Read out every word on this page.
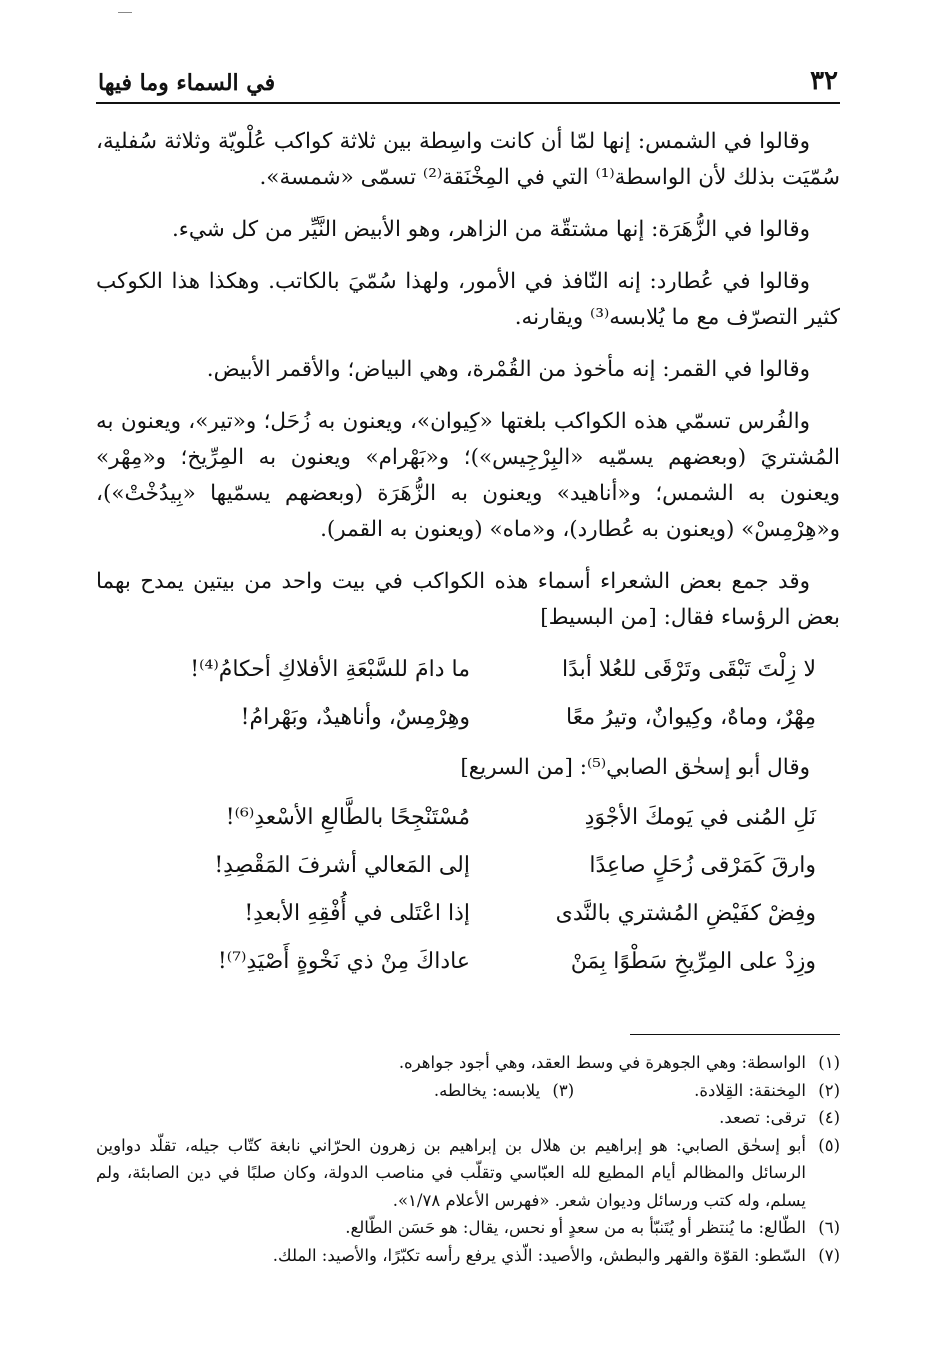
٣٢
في السماء وما فيها

وقالوا في الشمس: إنها لمّا أن كانت واسِطة بين ثلاثة كواكب عُلْويّة وثلاثة سُفلية، سُمّيَت بذلك لأن الواسطة⁽¹⁾ التي في المِخْنَقة⁽²⁾ تسمّى «شمسة».

وقالوا في الزُّهَرَة: إنها مشتقّة من الزاهر، وهو الأبيض النَّيِّر من كل شيء.

وقالوا في عُطارد: إنه النّافذ في الأمور، ولهذا سُمّيَ بالكاتب. وهكذا هذا الكوكب كثير التصرّف مع ما يُلابسه⁽³⁾ ويقارنه.

وقالوا في القمر: إنه مأخوذ من القُمْرة، وهي البياض؛ والأقمر الأبيض.

والفُرس تسمّي هذه الكواكب بلغتها «كِيوان»، ويعنون به زُحَل؛ و«تير»، ويعنون به المُشتريَ (وبعضهم يسمّيه «البِرْجِيس»)؛ و«بَهْرام» ويعنون به المِرِّيخ؛ و«مِهْر» ويعنون به الشمس؛ و«أناهيد» ويعنون به الزُّهَرَة (وبعضهم يسمّيها «بِيدُخْتْ»)، و«هِرْمِسْ» (ويعنون به عُطارد)، و«ماه» (ويعنون به القمر).

وقد جمع بعض الشعراء أسماء هذه الكواكب في بيت واحد من بيتين يمدح بهما بعض الرؤساء فقال: [من البسيط]

لا زِلْتَ تَبْقَى وتَرْقَى للعُلا أبدًا
ما دامَ للسَّبْعَةِ الأفلاكِ أحكامُ⁽⁴⁾!
مِهْرٌ، وماهٌ، وكِيوانٌ، وتيرُ معًا
وهِرْمِسٌ، وأناهيدٌ، وبَهْرامُ!
وقال أبو إسحٰق الصابي⁽⁵⁾: [من السريع]
نَلِ المُنى في يَومكَ الأجْوَدِ
مُسْتَنْجِحًا بالطَّالعِ الأسْعدِ⁽⁶⁾!
وارقَ كَمَرْقى زُحَلٍ صاعِدًا
إلى المَعالي أشرفَ المَقْصِدِ!
وفِضْ كفَيْضِ المُشتري بالنَّدى
إذا اعْتَلى في أُفْقِهِ الأبعدِ!
وزِدْ على المِرِّيخِ سَطْوًا بِمَنْ
عاداكَ مِنْ ذي نَخْوةٍ أَصْيَدِ⁽⁷⁾!
(١)
الواسطة: وهي الجوهرة في وسط العقد، وهي أجود جواهره.
(٢)
المِخنقة: القِلادة.
(٣)
يلابسه: يخالطه.
(٤)
ترقى: تصعد.
(٥)
أبو إسحٰق الصابي: هو إبراهيم بن هلال بن إبراهيم بن زهرون الحرّاني نابغة كتّاب جيله، تقلّد دواوين الرسائل والمظالم أيام المطيع لله العبّاسي وتقلّب في مناصب الدولة، وكان صلبًا في دين الصابئة، ولم يسلم، وله كتب ورسائل وديوان شعر. «فهرس الأعلام ١/٧٨».
(٦)
الطّالع: ما يُنتظر أو يُتَنبّأ به من سعدٍ أو نحس، يقال: هو حَسَن الطّالع.
(٧)
السّطو: القوّة والقهر والبطش، والأصيد: الّذي يرفع رأسه تكبّرًا، والأصيد: الملك.
